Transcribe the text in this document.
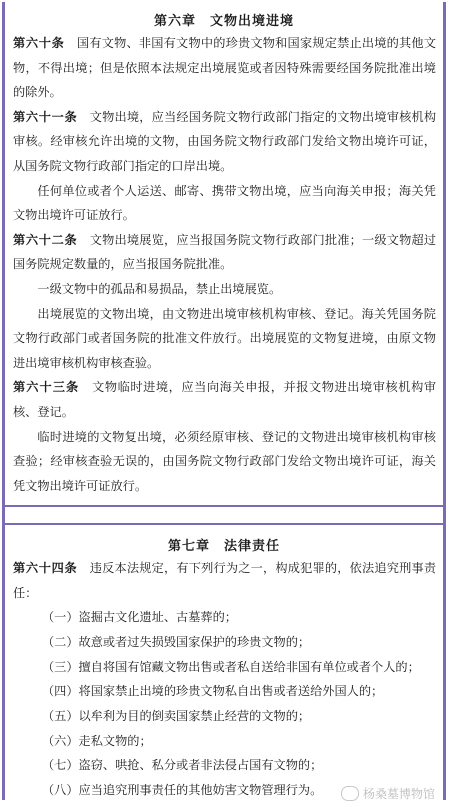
第六章　文物出境进境

第六十条　国有文物、非国有文物中的珍贵文物和国家规定禁止出境的其他文物，不得出境；但是依照本法规定出境展览或者因特殊需要经国务院批准出境的除外。

第六十一条　文物出境，应当经国务院文物行政部门指定的文物出境审核机构审核。经审核允许出境的文物，由国务院文物行政部门发给文物出境许可证，从国务院文物行政部门指定的口岸出境。

任何单位或者个人运送、邮寄、携带文物出境，应当向海关申报；海关凭文物出境许可证放行。

第六十二条　文物出境展览，应当报国务院文物行政部门批准；一级文物超过国务院规定数量的，应当报国务院批准。

一级文物中的孤品和易损品，禁止出境展览。

出境展览的文物出境，由文物进出境审核机构审核、登记。海关凭国务院文物行政部门或者国务院的批准文件放行。出境展览的文物复进境，由原文物进出境审核机构审核查验。

第六十三条　文物临时进境，应当向海关申报，并报文物进出境审核机构审核、登记。

临时进境的文物复出境，必须经原审核、登记的文物进出境审核机构审核查验；经审核查验无误的，由国务院文物行政部门发给文物出境许可证，海关凭文物出境许可证放行。

第七章　法律责任

第六十四条　违反本法规定，有下列行为之一，构成犯罪的，依法追究刑事责任：

（一）盗掘古文化遗址、古墓葬的；
（二）故意或者过失损毁国家保护的珍贵文物的；
（三）擅自将国有馆藏文物出售或者私自送给非国有单位或者个人的；
（四）将国家禁止出境的珍贵文物私自出售或者送给外国人的；
（五）以牟利为目的倒卖国家禁止经营的文物的；
（六）走私文物的；
（七）盗窃、哄抢、私分或者非法侵占国有文物的；
（八）应当追究刑事责任的其他妨害文物管理行为。	杨桑墓博物馆
